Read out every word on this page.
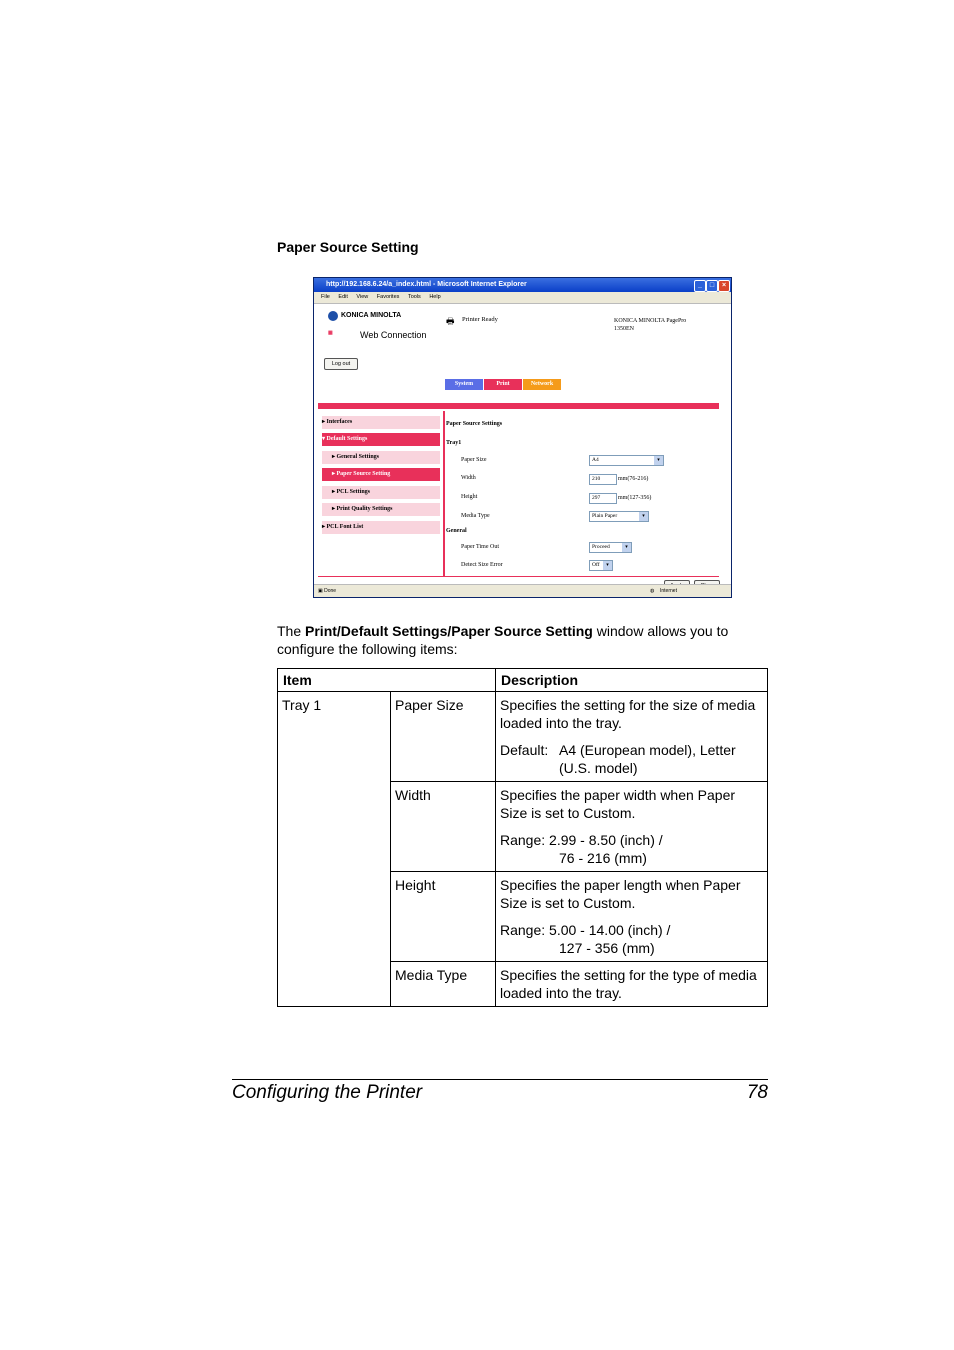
Paper Source Setting
http://192.168.6.24/a_index.html - Microsoft Internet Explorer	_	□	×
File Edit View Favorites Tools Help
KONICA MINOLTA
▦	Web Connection
🖶 Printer Ready	KONICA MINOLTA PagePro
1350EN
Log out
System	Print	Network
▸ Interfaces
▾ Default Settings
▸ General Settings
▸ Paper Source Setting
▸ PCL Settings
▸ Print Quality Settings
▸ PCL Font List
Paper Source Settings
Tray1
Paper Size	A4	▾
Width	210	mm(76-216)
Height	297	mm(127-356)
Media Type	Plain Paper	▾
General
Paper Time Out	Proceed	▾
Detect Size Error	Off	▾
▣ Done	◍ Internet
The Print/Default Settings/Paper Source Setting window allows you to configure the following items:
Item		Description
Tray 1	Paper Size	Specifies the setting for the size of media loaded into the tray.

Default: A4 (European model), Letter
(U.S. model)

	Width	Specifies the paper width when Paper Size is set to Custom.

Range: 2.99 - 8.50 (inch) /
76 - 216 (mm)

	Height	Specifies the paper length when Paper Size is set to Custom.

Range: 5.00 - 14.00 (inch) /
127 - 356 (mm)

	Media Type	Specifies the setting for the type of media loaded into the tray.

Configuring the Printer	78
